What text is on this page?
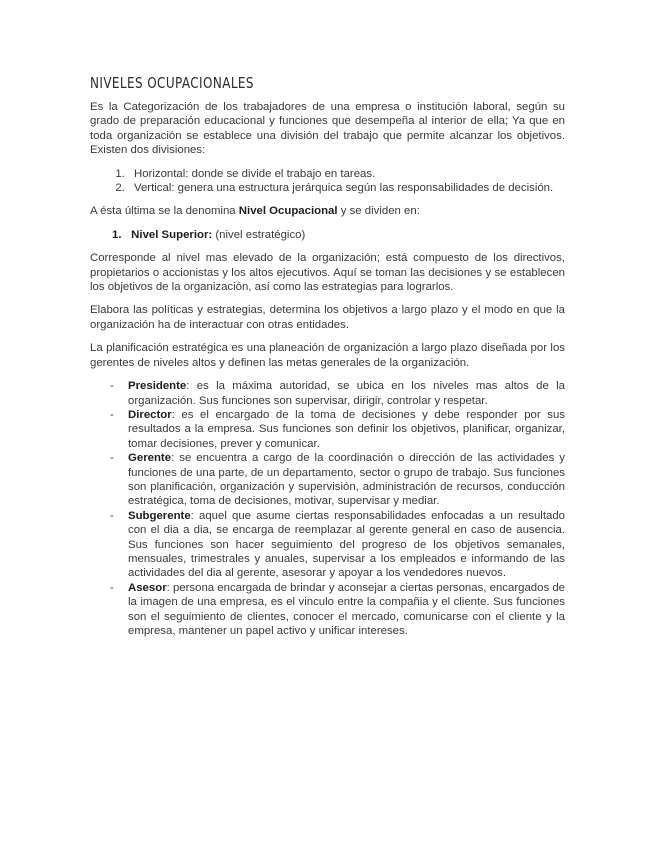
NIVELES OCUPACIONALES

Es la Categorización de los trabajadores de una empresa o institución laboral, según su grado de preparación educacional y funciones que desempeña al interior de ella; Ya que en toda organización se establece una división del trabajo que permite alcanzar los objetivos. Existen dos divisiones:

1. Horizontal: donde se divide el trabajo en tareas.
2. Vertical: genera una estructura jerárquica según las responsabilidades de decisión.

A ésta última se la denomina Nivel Ocupacional y se dividen en:

1. Nivel Superior: (nivel estratégico)

Corresponde al nivel mas elevado de la organización; está compuesto de los directivos, propietarios o accionistas y los altos ejecutivos. Aquí se toman las decisiones y se establecen los objetivos de la organización, así como las estrategias para lograrlos.

Elabora las políticas y estrategias, determina los objetivos a largo plazo y el modo en que la organización ha de interactuar con otras entidades.

La planificación estratégica es una planeación de organización a largo plazo diseñada por los gerentes de niveles altos y definen las metas generales de la organización.

- Presidente: es la máxima autoridad, se ubica en los niveles mas altos de la organización. Sus funciones son supervisar, dirigir, controlar y respetar.
- Director: es el encargado de la toma de decisiones y debe responder por sus resultados a la empresa. Sus funciones son definir los objetivos, planificar, organizar, tomar decisiones, prever y comunicar.
- Gerente: se encuentra a cargo de la coordinación o dirección de las actividades y funciones de una parte, de un departamento, sector o grupo de trabajo. Sus funciones son planificación, organización y supervisión, administración de recursos, conducción estratégica, toma de decisiones, motivar, supervisar y mediar.
- Subgerente: aquel que asume ciertas responsabilidades enfocadas a un resultado con el dia a dia, se encarga de reemplazar al gerente general en caso de ausencia. Sus funciones son hacer seguimiento del progreso de los objetivos semanales, mensuales, trimestrales y anuales, supervisar a los empleados e informando de las actividades del dia al gerente, asesorar y apoyar a los vendedores nuevos.
- Asesor: persona encargada de brindar y aconsejar a ciertas personas, encargados de la imagen de una empresa, es el vinculo entre la compañia y el cliente. Sus funciones son el seguimiento de clientes, conocer el mercado, comunicarse con el cliente y la empresa, mantener un papel activo y unificar intereses.
